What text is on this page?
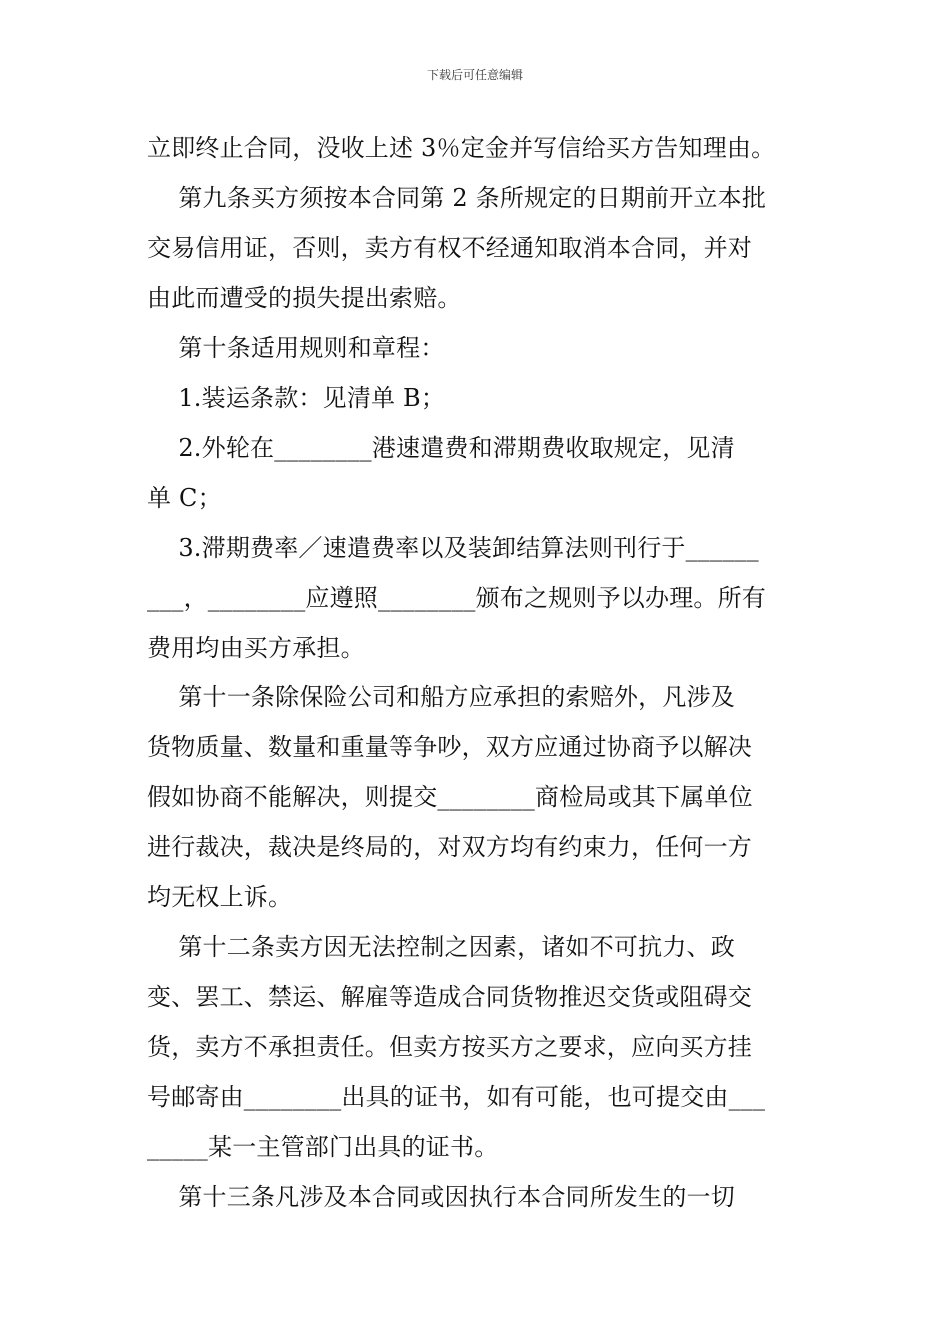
下载后可任意编辑
立即终止合同，没收上述 3％定金并写信给买方告知理由。
第九条买方须按本合同第 2 条所规定的日期前开立本批
交易信用证，否则，卖方有权不经通知取消本合同，并对
由此而遭受的损失提出索赔。
第十条适用规则和章程：
1.装运条款：见清单 B；
2.外轮在________港速遣费和滞期费收取规定，见清
单 C；
3.滞期费率／速遣费率以及装卸结算法则刊行于______
___，________应遵照________颁布之规则予以办理。所有
费用均由买方承担。
第十一条除保险公司和船方应承担的索赔外，凡涉及
货物质量、数量和重量等争吵，双方应通过协商予以解决
假如协商不能解决，则提交________商检局或其下属单位
进行裁决，裁决是终局的，对双方均有约束力，任何一方
均无权上诉。
第十二条卖方因无法控制之因素，诸如不可抗力、政
变、罢工、禁运、解雇等造成合同货物推迟交货或阻碍交
货，卖方不承担责任。但卖方按买方之要求，应向买方挂
号邮寄由________出具的证书，如有可能，也可提交由___
_____某一主管部门出具的证书。
第十三条凡涉及本合同或因执行本合同所发生的一切
